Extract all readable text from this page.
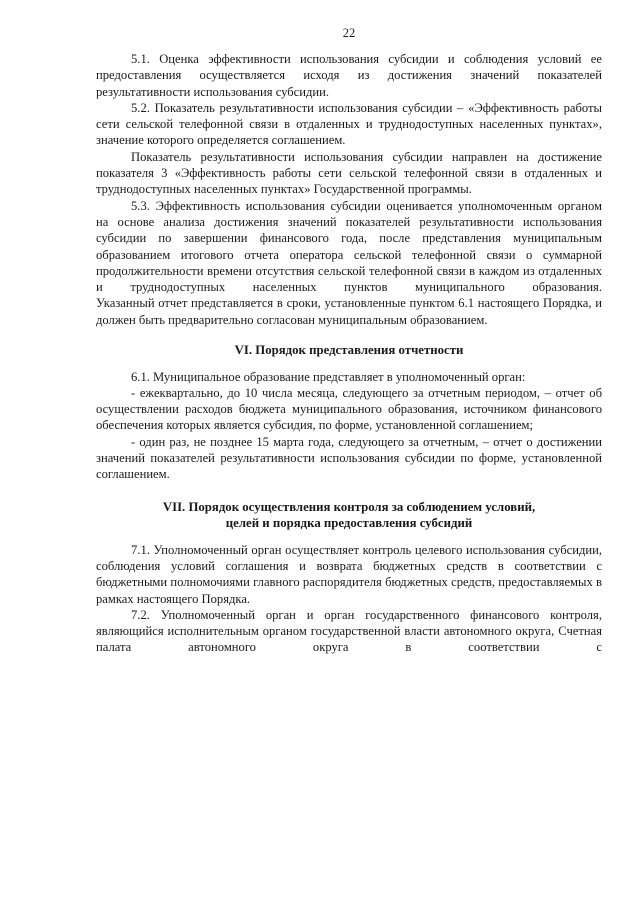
22

5.1. Оценка эффективности использования субсидии и соблюдения условий ее предоставления осуществляется исходя из достижения значений показателей результативности использования субсидии.

5.2. Показатель результативности использования субсидии – «Эффективность работы сети сельской телефонной связи в отдаленных и труднодоступных населенных пунктах», значение которого определяется соглашением.

Показатель результативности использования субсидии направлен на достижение показателя 3 «Эффективность работы сети сельской телефонной связи в отдаленных и труднодоступных населенных пунктах» Государственной программы.

5.3. Эффективность использования субсидии оценивается уполномоченным органом на основе анализа достижения значений показателей результативности использования субсидии по завершении финансового года, после представления муниципальным образованием итогового отчета оператора сельской телефонной связи о суммарной продолжительности времени отсутствия сельской телефонной связи в каждом из отдаленных и труднодоступных населенных пунктов муниципального образования.

Указанный отчет представляется в сроки, установленные пунктом 6.1 настоящего Порядка, и должен быть предварительно согласован муниципальным образованием.

VI. Порядок представления отчетности

6.1. Муниципальное образование представляет в уполномоченный орган:

- ежеквартально, до 10 числа месяца, следующего за отчетным периодом, – отчет об осуществлении расходов бюджета муниципального образования, источником финансового обеспечения которых является субсидия, по форме, установленной соглашением;

- один раз, не позднее 15 марта года, следующего за отчетным, – отчет о достижении значений показателей результативности использования субсидии по форме, установленной соглашением.

VII. Порядок осуществления контроля за соблюдением условий,
целей и порядка предоставления субсидий

7.1. Уполномоченный орган осуществляет контроль целевого использования субсидии, соблюдения условий соглашения и возврата бюджетных средств в соответствии с бюджетными полномочиями главного распорядителя бюджетных средств, предоставляемых в рамках настоящего Порядка.

7.2. Уполномоченный орган и орган государственного финансового контроля, являющийся исполнительным органом государственной власти автономного округа, Счетная палата автономного округа в соответствии с
